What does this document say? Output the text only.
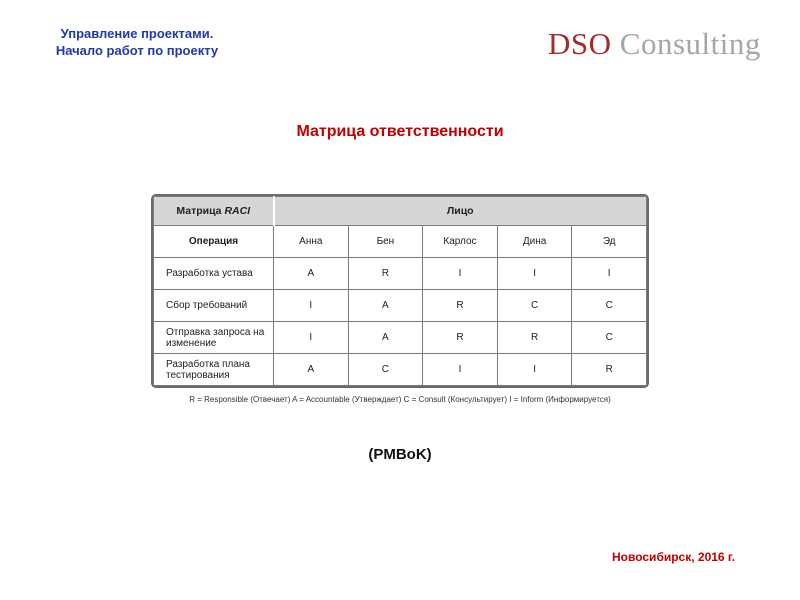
Управление проектами.
Начало работ по проекту	DSO Consulting
Матрица ответственности
Матрица RACI	Лицо				
Операция	Анна	Бен	Карлос	Дина	Эд
Разработка устава	A	R	I	I	I
Сбор требований	I	A	R	C	C
Отправка запроса на изменение	I	A	R	R	C
Разработка плана тестирования	A	C	I	I	R
R = Responsible (Отвечает) A = Accountable (Утверждает) C = Consult (Консультирует) I = Inform (Информируется)
(PMBoK)
Новосибирск, 2016 г.
